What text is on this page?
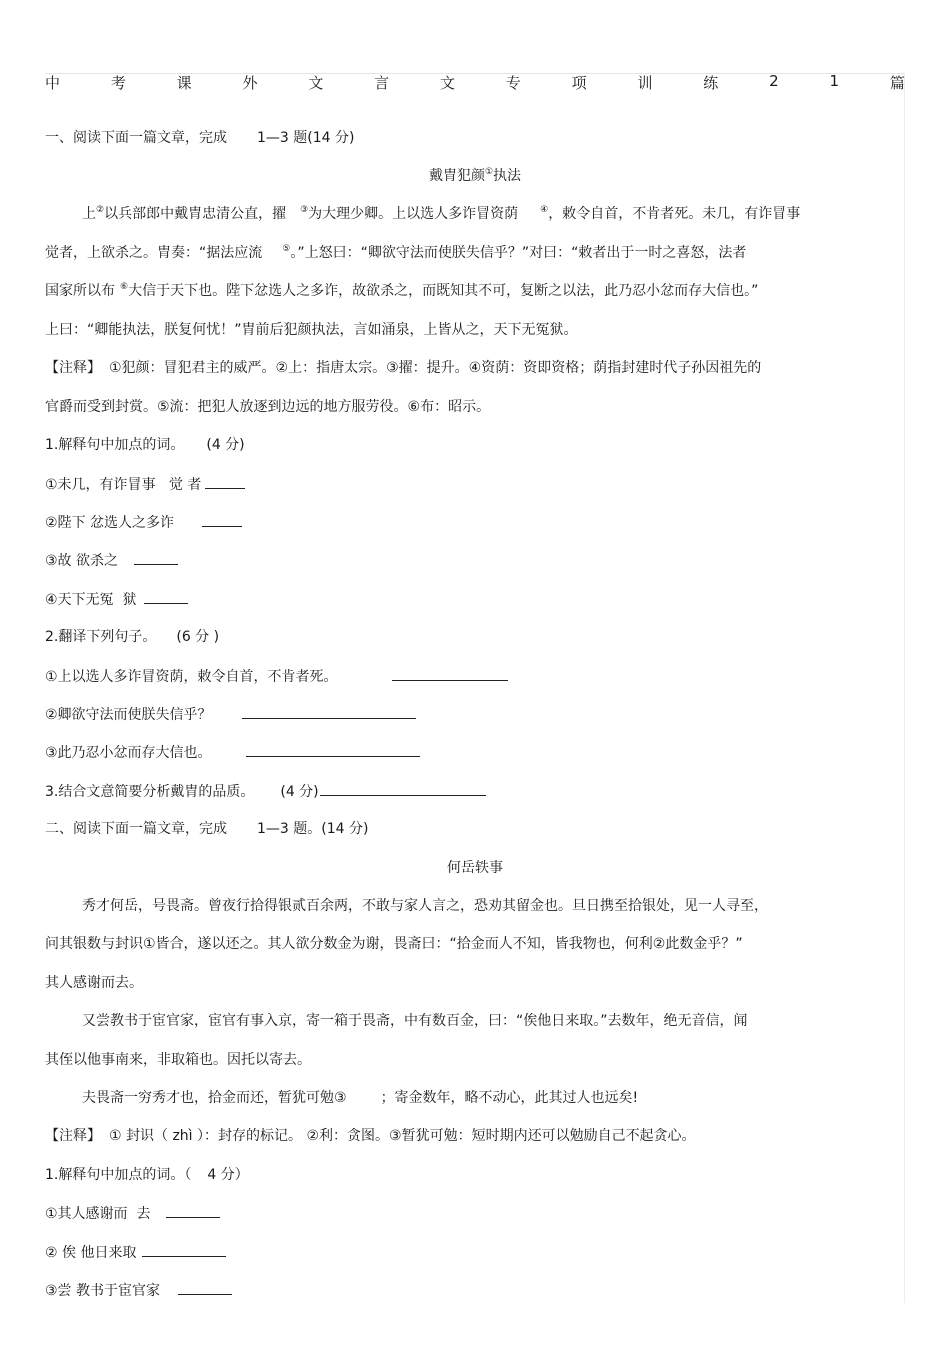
中	考	课	外	文	言	文	专	项	训	练	2	1	篇
一、阅读下面一篇文章，完成 1—3 题(14 分)
戴胄犯颜①执法
上②以兵部郎中戴胄忠清公直，擢 ③为大理少卿。上以选人多诈冒资荫 ④，敕令自首，不肯者死。未几，有诈冒事
觉者，上欲杀之。胄奏：“据法应流 ⑤。”上怒曰：“卿欲守法而使朕失信乎？”对曰：“敕者出于一时之喜怒，法者
国家所以布 ⑥大信于天下也。陛下忿选人之多诈，故欲杀之，而既知其不可，复断之以法，此乃忍小忿而存大信也。”
上曰：“卿能执法，朕复何忧！”胄前后犯颜执法，言如涌泉，上皆从之，天下无冤狱。
【注释】 ①犯颜：冒犯君主的威严。②上：指唐太宗。③擢：提升。④资荫：资即资格；荫指封建时代子孙因祖先的
官爵而受到封赏。⑤流：把犯人放逐到边远的地方服劳役。⑥布：昭示。
1.解释句中加点的词。 (4 分)
①未几，有诈冒事   觉 者
②陛下 忿选人之多诈
③故 欲杀之
④天下无冤  狱
2.翻译下列句子。 (6 分 )
①上以选人多诈冒资荫，敕令自首，不肯者死。
②卿欲守法而使朕失信乎？
③此乃忍小忿而存大信也。
3.结合文意简要分析戴胄的品质。 (4 分)
二、阅读下面一篇文章，完成 1—3 题。(14 分)
何岳轶事
秀才何岳，号畏斋。曾夜行拾得银贰百余两，不敢与家人言之，恐劝其留金也。旦日携至拾银处，见一人寻至，
问其银数与封识①皆合，遂以还之。其人欲分数金为谢，畏斋曰：“拾金而人不知，皆我物也，何利②此数金乎？”
其人感谢而去。
又尝教书于宦官家，宦官有事入京，寄一箱于畏斋，中有数百金，曰：“俟他日来取。”去数年，绝无音信，闻
其侄以他事南来，非取箱也。因托以寄去。
夫畏斋一穷秀才也，拾金而还，暂犹可勉③ ；寄金数年，略不动心，此其过人也远矣!
【注释】 ① 封识（ zhì ）：封存的标记。 ②利：贪图。③暂犹可勉：短时期内还可以勉励自己不起贪心。
1.解释句中加点的词。（ 4 分）
①其人感谢而  去
② 俟 他日来取
③尝 教书于宦官家
